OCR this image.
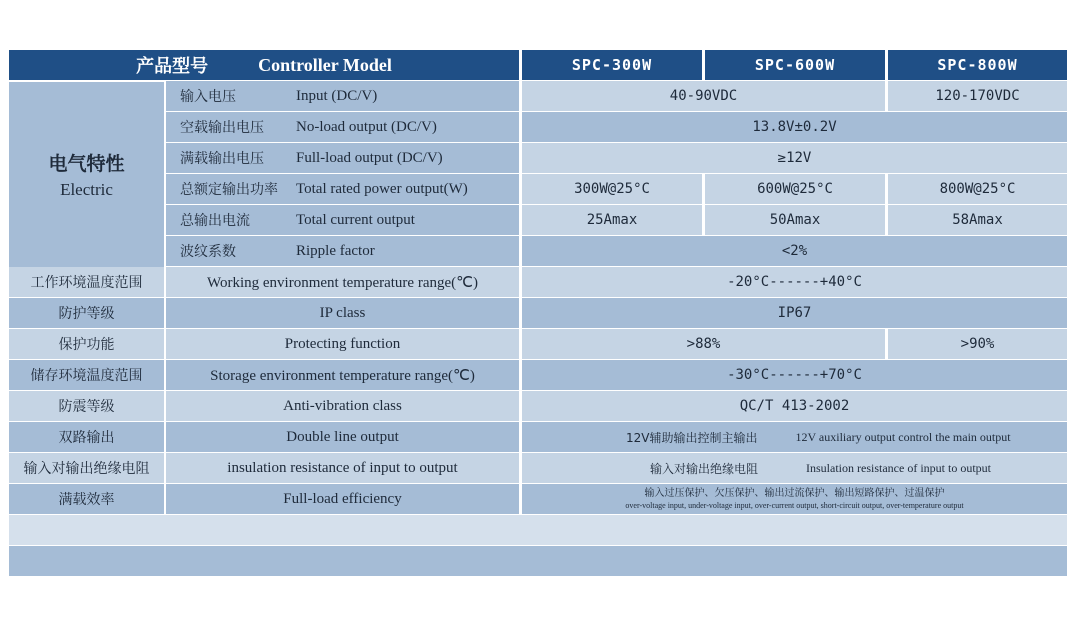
产品型号	Controller Model	SPC-300W	SPC-600W	SPC-800W
电气特性
Electric
输入电压	Input (DC/V)	40-90VDC	120-170VDC
空载输出电压 No-load output (DC/V)	13.8V±0.2V
满载输出电压 Full-load output (DC/V)	≥12V
总额定输出功率 Total rated power output(W)	300W@25°C	600W@25°C	800W@25°C
总输出电流	Total current output	25Amax	50Amax	58Amax
波纹系数	Ripple factor	<2%
工作环境温度范围	Working environment temperature range(℃)	-20°C------+40°C
防护等级	IP class	IP67
保护功能	Protecting function	>88%	>90%
储存环境温度范围	Storage environment temperature range(℃)	-30°C------+70°C
防震等级	Anti-vibration class	QC/T 413-2002
双路输出	Double line output	12V辅助输出控制主输出	12V auxiliary output control the main output
输入对输出绝缘电阻	insulation resistance of input to output	输入对输出绝缘电阻	Insulation resistance of input to output
满载效率	Full-load efficiency	输入过压保护、欠压保护、输出过流保护、输出短路保护、过温保护
over-voltage input, under-voltage input, over-current output, short-circuit output, over-temperature output
